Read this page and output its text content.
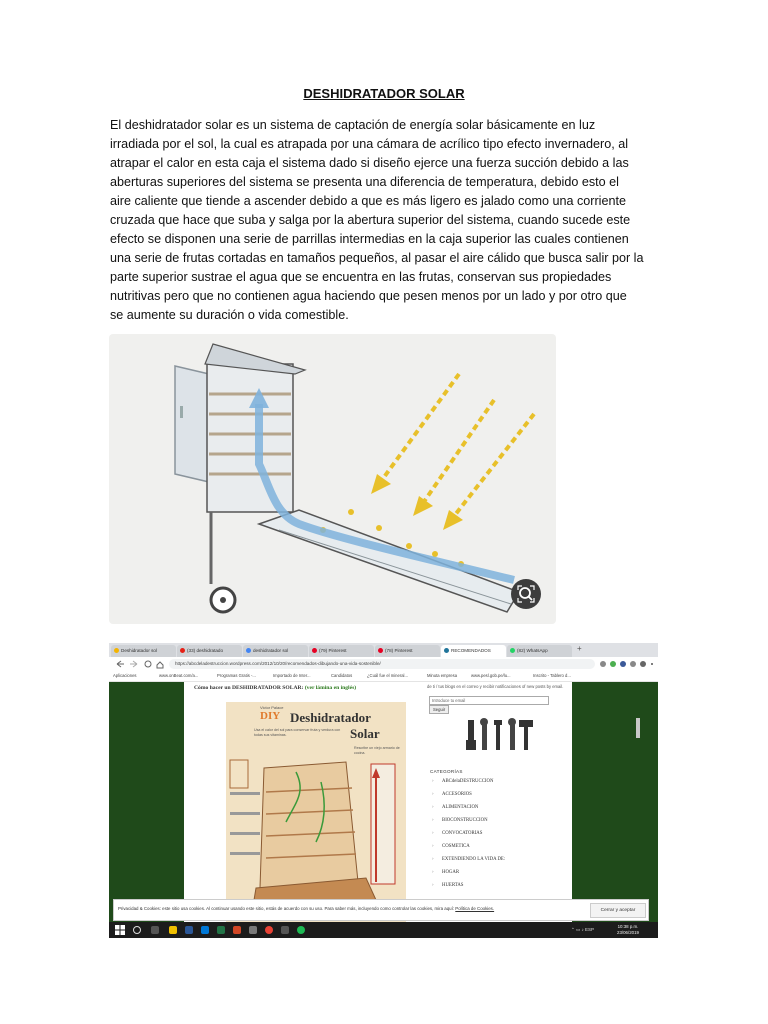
DESHIDRATADOR SOLAR
El deshidratador solar es un sistema de captación de energía solar básicamente en luz
irradiada por el sol, la cual es atrapada por una cámara de acrílico tipo efecto invernadero, al
atrapar el calor en esta caja el sistema dado si diseño ejerce una fuerza succión debido a las
aberturas superiores del sistema se presenta una diferencia de temperatura, debido esto el
aire caliente que tiende a ascender debido a que es más ligero es jalado como una corriente
cruzada que hace que suba y salga por la abertura superior del sistema, cuando sucede este
efecto se disponen una serie de parrillas intermedias en la caja superior las cuales contienen
una serie de frutas cortadas en tamaños pequeños, al pasar el aire cálido que busca salir por la
parte superior sustrae el agua que se encuentra en las frutas, conservan sus propiedades
nutritivas pero que no contienen agua haciendo que pesen menos por un lado y por otro que
se aumente su duración o vida comestible.
Deshidratador sol	(33) deshidratado	deshidratador sol	(79) Pinterest	(78) Pinterest	RECOMENDADOS	(82) WhatsApp	+
https://abcdeladestruccion.wordpress.com/2012/10/20/recomendados-dibujando-una-vida-sostenible/
Aplicaciones	www.onBeat.com/a...	Programas Gratis -...	Importado de Inter...	Candidatos	¿Cuál fue el mineral...	Minuta empresa	www.pesl.gob.pe/lu...	Inscrito - Tablero d...
Cómo hacer un DESHIDRATADOR SOLAR: (ver lámina en inglés)
Victor Palace
DIY Deshidratador
Solar
Usa el calor del sol para conservar fruta y verdura con todas sus vitaminas.
Rescribe un viejo armario de cocina.
de ti / tus blogs en el correo y recibir notificaciones of new posts by email.
Introduce tu email
Seguir
CATEGORÍAS
› ABCdelaDESTRUCCION
› ACCESORIOS
› ALIMENTACION
› BIOCONSTRUCCION
› CONVOCATORIAS
› COSMETICA
› EXTENDIENDO LA VIDA DE:
› HOGAR
› HUERTAS
Privacidad & Cookies: este sitio usa cookies. Al continuar usando este sitio, estás de acuerdo con su uso. Para saber más, incluyendo como controlar las cookies, mira aquí: Política de Cookies.	Cerrar y aceptar
⌃ ▭ ♪ ESP
10:38 p.m.
23/06/2019
